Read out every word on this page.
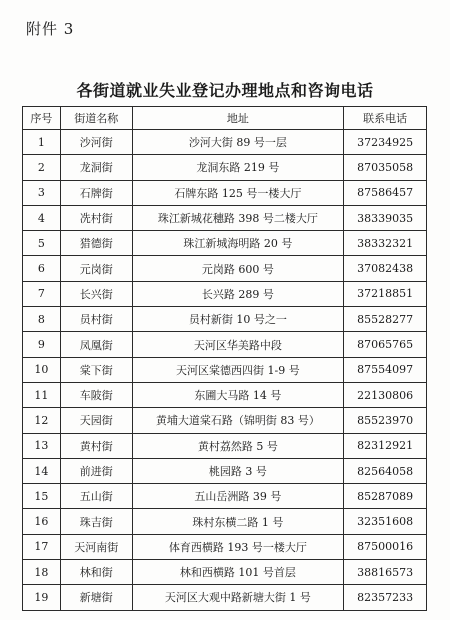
附件 3
各街道就业失业登记办理地点和咨询电话
序号	街道名称	地址	联系电话
1	沙河街	沙河大街 89 号一层	37234925
2	龙洞街	龙洞东路 219 号	87035058
3	石牌街	石牌东路 125 号一楼大厅	87586457
4	冼村街	珠江新城花穗路 398 号二楼大厅	38339035
5	猎德街	珠江新城海明路 20 号	38332321
6	元岗街	元岗路 600 号	37082438
7	长兴街	长兴路 289 号	37218851
8	员村街	员村新街 10 号之一	85528277
9	凤凰街	天河区华美路中段	87065765
10	棠下街	天河区棠德西四街 1-9 号	87554097
11	车陂街	东圃大马路 14 号	22130806
12	天园街	黄埔大道棠石路（锦明街 83 号）	85523970
13	黄村街	黄村荔然路 5 号	82312921
14	前进街	桃园路 3 号	82564058
15	五山街	五山岳洲路 39 号	85287089
16	珠吉街	珠村东横二路 1 号	32351608
17	天河南街	体育西横路 193 号一楼大厅	87500016
18	林和街	林和西横路 101 号首层	38816573
19	新塘街	天河区大观中路新塘大街 1 号	82357233
